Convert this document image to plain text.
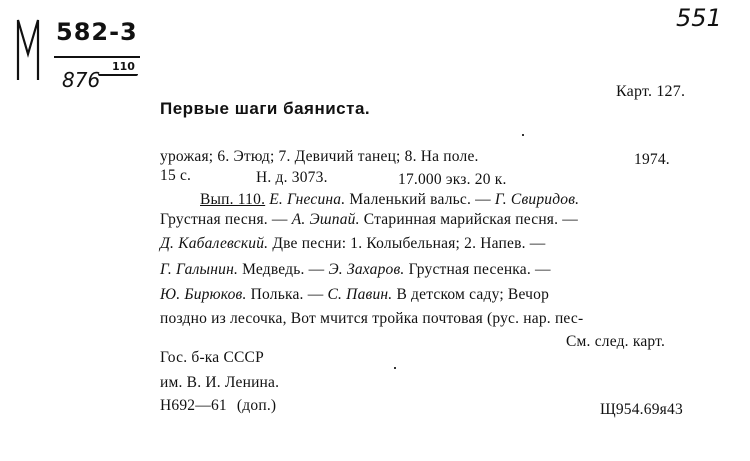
582-3
876
110
551
Карт. 127.
Первые шаги баяниста.
урожая; 6. Этюд; 7. Девичий танец; 8. На поле.	1974.
15 с.	Н. д. 3073.	17.000 экз. 20 к.
Вып. 110. Е. Гнесина. Маленький вальс. — Г. Свиридов.
Грустная песня. — А. Эшпай. Старинная марийская песня. —
Д. Кабалевский. Две песни: 1. Колыбельная; 2. Напев. —
Г. Галынин. Медведь. — Э. Захаров. Грустная песенка. —
Ю. Бирюков. Полька. — С. Павин. В детском саду; Вечор
поздно из лесочка, Вот мчится тройка почтовая (рус. нар. пес-
См. след. карт.
Гос. б-ка СССР
им. В. И. Ленина.
Н692—61 (доп.)	Щ954.69я43
